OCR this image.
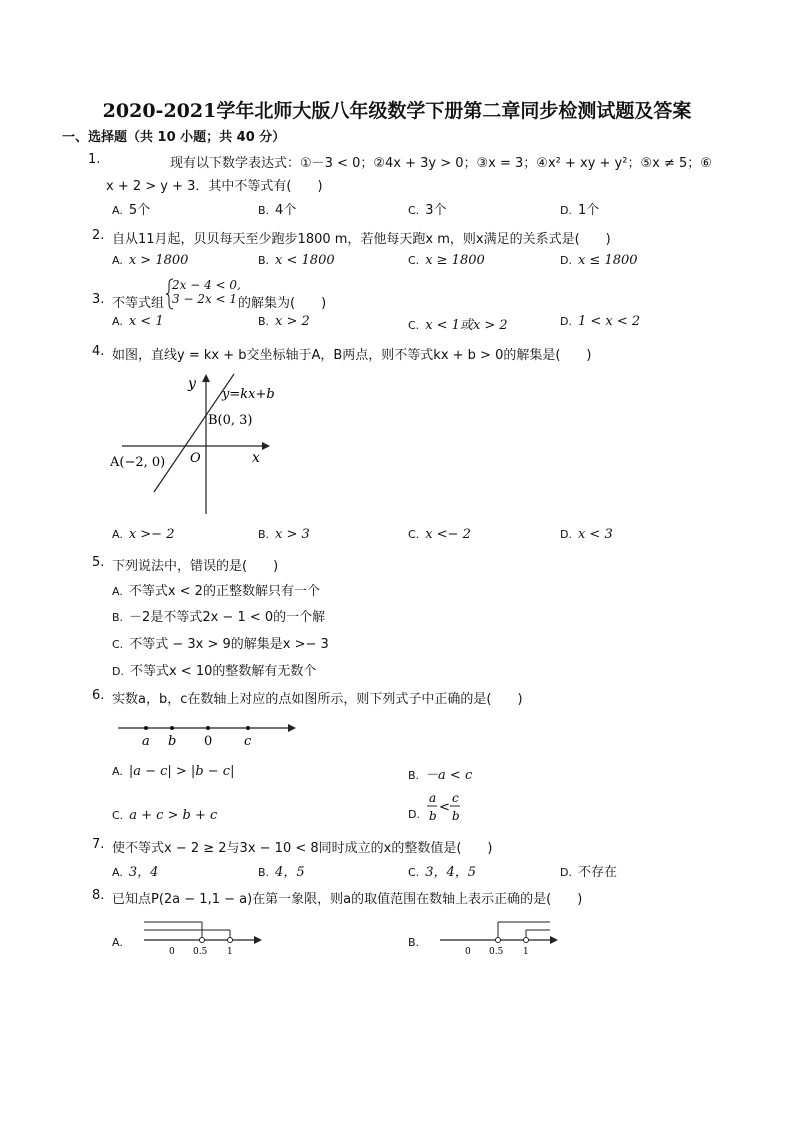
2020-2021学年北师大版八年级数学下册第二章同步检测试题及答案
一、选择题（共 10 小题；共 40 分）
1.	现有以下数学表达式：①－3 < 0；②4x + 3y > 0；③x = 3；④x² + xy + y²；⑤x ≠ 5；⑥
x + 2 > y + 3．其中不等式有(　　)
A. 5个	B. 4个	C. 3个	D. 1个
2. 自从11月起，贝贝每天至少跑步1800 m，若他每天跑x m，则x满足的关系式是(　　)
A. x > 1800	B. x < 1800	C. x ≥ 1800	D. x ≤ 1800
3. 不等式组
2x − 4 < 0,
3 − 2x < 1 的解集为(　　)
A. x < 1	B. x > 2	C. x < 1或x > 2	D. 1 < x < 2
4. 如图，直线y = kx + b交坐标轴于A，B两点，则不等式kx + b > 0的解集是(　　)
y
x
y=kx+b
B(0, 3)
A(−2, 0) O
A. x >− 2	B. x > 3	C. x <− 2	D. x < 3
5. 下列说法中，错误的是(　　)
A. 不等式x < 2的正整数解只有一个
B. －2是不等式2x − 1 < 0的一个解
C. 不等式 − 3x > 9的解集是x >− 3
D. 不等式x < 10的整数解有无数个
6. 实数a，b，c在数轴上对应的点如图所示，则下列式子中正确的是(　　)
a b 0 c
A. |a − c| > |b − c|	B. －a < c
C. a + c > b + c	D.
a
b
<
c
b
7. 使不等式x − 2 ≥ 2与3x − 10 < 8同时成立的x的整数值是(　　)
A. 3，4	B. 4，5	C. 3，4，5	D. 不存在
8. 已知点P(2a − 1,1 − a)在第一象限，则a的取值范围在数轴上表示正确的是(　　)
A.
0 0.5 1
B.
0 0.5 1
